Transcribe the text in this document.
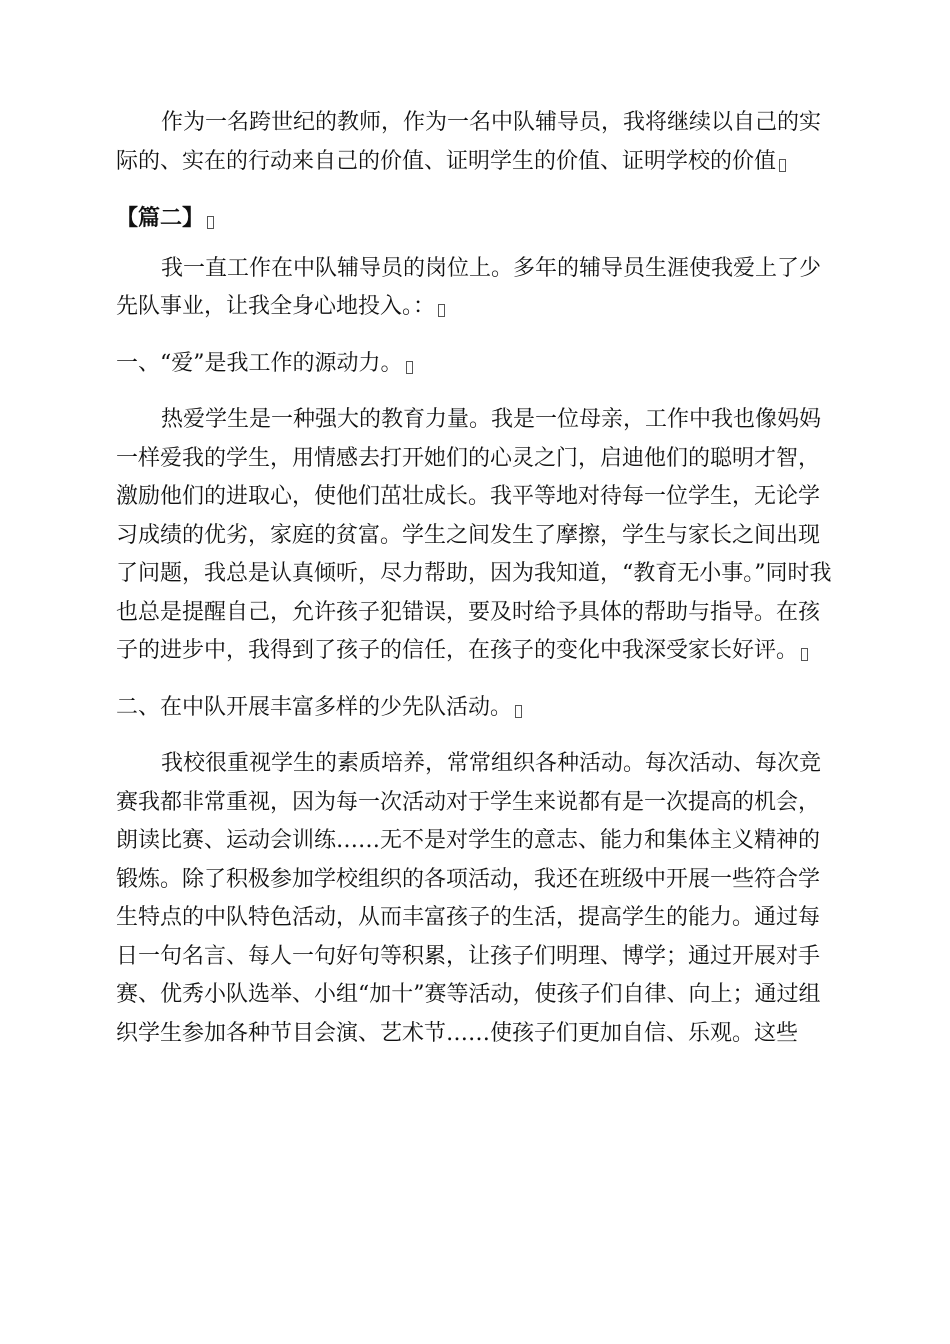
作为一名跨世纪的教师，作为一名中队辅导员，我将继续以自己的实际的、实在的行动来自己的价值、证明学生的价值、证明学校的价值

【篇二】

我一直工作在中队辅导员的岗位上。多年的辅导员生涯使我爱上了少先队事业，让我全身心地投入。：

一、“爱”是我工作的源动力。

热爱学生是一种强大的教育力量。我是一位母亲，工作中我也像妈妈一样爱我的学生，用情感去打开她们的心灵之门，启迪他们的聪明才智，激励他们的进取心，使他们茁壮成长。我平等地对待每一位学生，无论学习成绩的优劣，家庭的贫富。学生之间发生了摩擦，学生与家长之间出现了问题，我总是认真倾听，尽力帮助，因为我知道，“教育无小事。”同时我也总是提醒自己，允许孩子犯错误，要及时给予具体的帮助与指导。在孩子的进步中，我得到了孩子的信任，在孩子的变化中我深受家长好评。

二、在中队开展丰富多样的少先队活动。

我校很重视学生的素质培养，常常组织各种活动。每次活动、每次竞赛我都非常重视，因为每一次活动对于学生来说都有是一次提高的机会，朗读比赛、运动会训练……无不是对学生的意志、能力和集体主义精神的锻炼。除了积极参加学校组织的各项活动，我还在班级中开展一些符合学生特点的中队特色活动，从而丰富孩子的生活，提高学生的能力。通过每日一句名言、每人一句好句等积累，让孩子们明理、博学；通过开展对手赛、优秀小队选举、小组“加十”赛等活动，使孩子们自律、向上；通过组织学生参加各种节目会演、艺术节……使孩子们更加自信、乐观。这些
